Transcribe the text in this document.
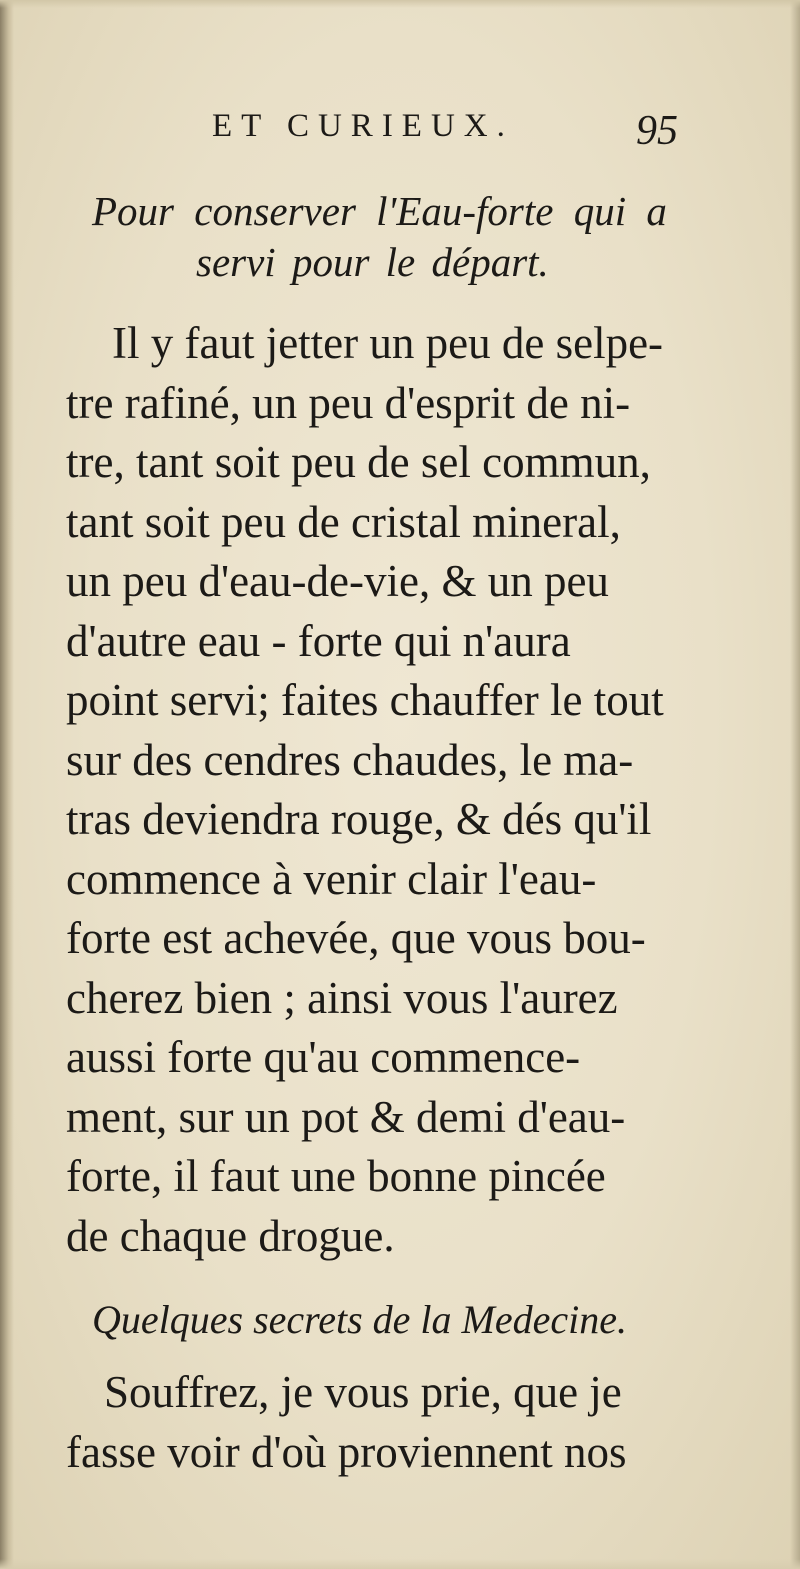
ET CURIEUX.	95
Pour conserver l'Eau-forte qui a
servi pour le départ.
Il y faut jetter un peu de selpe-
tre rafiné, un peu d'esprit de ni-
tre, tant soit peu de sel commun,
tant soit peu de cristal mineral,
un peu d'eau-de-vie, & un peu
d'autre eau - forte qui n'aura
point servi; faites chauffer le tout
sur des cendres chaudes, le ma-
tras deviendra rouge, & dés qu'il
commence à venir clair l'eau-
forte est achevée, que vous bou-
cherez bien ; ainsi vous l'aurez
aussi forte qu'au commence-
ment, sur un pot & demi d'eau-
forte, il faut une bonne pincée
de chaque drogue.
Quelques secrets de la Medecine.
Souffrez, je vous prie, que je
fasse voir d'où proviennent nos
